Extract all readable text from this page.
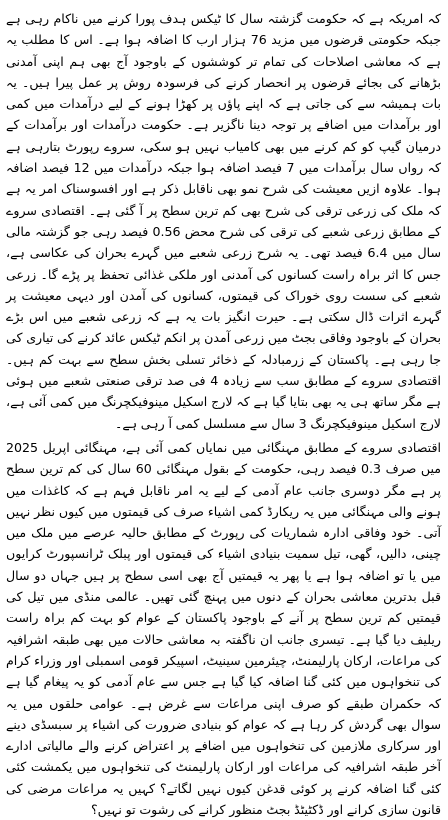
کہ امریکہ ہے کہ حکومت گزشتہ سال کا ٹیکس ہدف پورا کرنے میں ناکام رہی ہے جبکہ حکومتی قرضوں میں مزید 76 ہزار ارب کا اضافہ ہوا ہے۔ اس کا مطلب یہ ہے کہ معاشی اصلاحات کی تمام تر کوششوں کے باوجود آج بھی ہم اپنی آمدنی بڑھانے کی بجائے قرضوں پر انحصار کرنے کی فرسودہ روش پر عمل پیرا ہیں۔ یہ بات ہمیشہ سے کی جاتی ہے کہ اپنے پاؤں پر کھڑا ہونے کے لیے درآمدات میں کمی اور برآمدات میں اضافے پر توجہ دینا ناگزیر ہے۔ حکومت درآمدات اور برآمدات کے درمیان گیپ کو کم کرنے میں بھی کامیاب نہیں ہو سکی، سروے رپورٹ بتارہی ہے کہ رواں سال برآمدات میں 7 فیصد اضافہ ہوا جبکہ درآمدات میں 12 فیصد اضافہ ہوا۔ علاوہ ازیں معیشت کی شرح نمو بھی ناقابل ذکر ہے اور افسوسناک امر یہ ہے کہ ملک کی زرعی ترقی کی شرح بھی کم ترین سطح پر آ گئی ہے۔ اقتصادی سروے کے مطابق زرعی شعبے کی ترقی کی شرح محض 0.56 فیصد رہی جو گزشتہ مالی سال میں 6.4 فیصد تھی۔ یہ شرح زرعی شعبے میں گہرے بحران کی عکاسی ہے، جس کا اثر براہ راست کسانوں کی آمدنی اور ملکی غذائی تحفظ پر پڑے گا۔ زرعی شعبے کی سست روی خوراک کی قیمتوں، کسانوں کی آمدن اور دیہی معیشت پر گہرے اثرات ڈال سکتی ہے۔ حیرت انگیز بات یہ ہے کہ زرعی شعبے میں اس بڑے بحران کے باوجود وفاقی بجٹ میں زرعی آمدن پر انکم ٹیکس عائد کرنے کی تیاری کی جا رہی ہے۔ پاکستان کے زرمبادلہ کے ذخائر تسلی بخش سطح سے بہت کم ہیں۔ اقتصادی سروے کے مطابق سب سے زیادہ 4 فی صد ترقی صنعتی شعبے میں ہوئی ہے مگر ساتھ ہی یہ بھی بتایا گیا ہے کہ لارج اسکیل مینوفیکچرنگ میں کمی آئی ہے، لارج اسکیل مینوفیکچرنگ 3 سال سے مسلسل کمی آ رہی ہے۔

اقتصادی سروے کے مطابق مہنگائی میں نمایاں کمی آئی ہے، مہنگائی اپریل 2025 میں صرف 0.3 فیصد رہی، حکومت کے بقول مہنگائی 60 سال کی کم ترین سطح پر ہے مگر دوسری جانب عام آدمی کے لیے یہ امر ناقابل فہم ہے کہ کاغذات میں ہونے والی مہنگائی میں یہ ریکارڈ کمی اشیاء صرف کی قیمتوں میں کیوں نظر نہیں آتی۔ خود وفاقی ادارہ شماریات کی رپورٹ کے مطابق حالیہ عرصے میں ملک میں چینی، دالیں، گھی، تیل سمیت بنیادی اشیاء کی قیمتوں اور پبلک ٹرانسپورٹ کرایوں میں یا تو اضافہ ہوا ہے یا پھر یہ قیمتیں آج بھی اسی سطح پر ہیں جہاں دو سال قبل بدترین معاشی بحران کے دنوں میں پہنچ گئی تھیں۔ عالمی منڈی میں تیل کی قیمتیں کم ترین سطح پر آنے کے باوجود پاکستان کے عوام کو بہت کم براہ راست ریلیف دیا گیا ہے۔ تیسری جانب ان ناگفتہ بہ معاشی حالات میں بھی طبقہ اشرافیہ کی مراعات، ارکان پارلیمنٹ، چیئرمین سینیٹ، اسپیکر قومی اسمبلی اور وزراء کرام کی تنخواہوں میں کئی گنا اضافہ کیا گیا ہے جس سے عام آدمی کو یہ پیغام گیا ہے کہ حکمران طبقے کو صرف اپنی مراعات سے غرض ہے۔ عوامی حلقوں میں یہ سوال بھی گردش کر رہا ہے کہ عوام کو بنیادی ضرورت کی اشیاء پر سبسڈی دینے اور سرکاری ملازمین کی تنخواہوں میں اضافے پر اعتراض کرنے والے مالیاتی ادارے آخر طبقہ اشرافیہ کی مراعات اور ارکان پارلیمنٹ کی تنخواہوں میں یکمشت کئی کئی گنا اضافہ کرنے پر کوئی قدغن کیوں نہیں لگاتے؟ کہیں یہ مراعات مرضی کی قانون سازی کرانے اور ڈکٹیٹڈ بجٹ منظور کرانے کی رشوت تو نہیں؟
